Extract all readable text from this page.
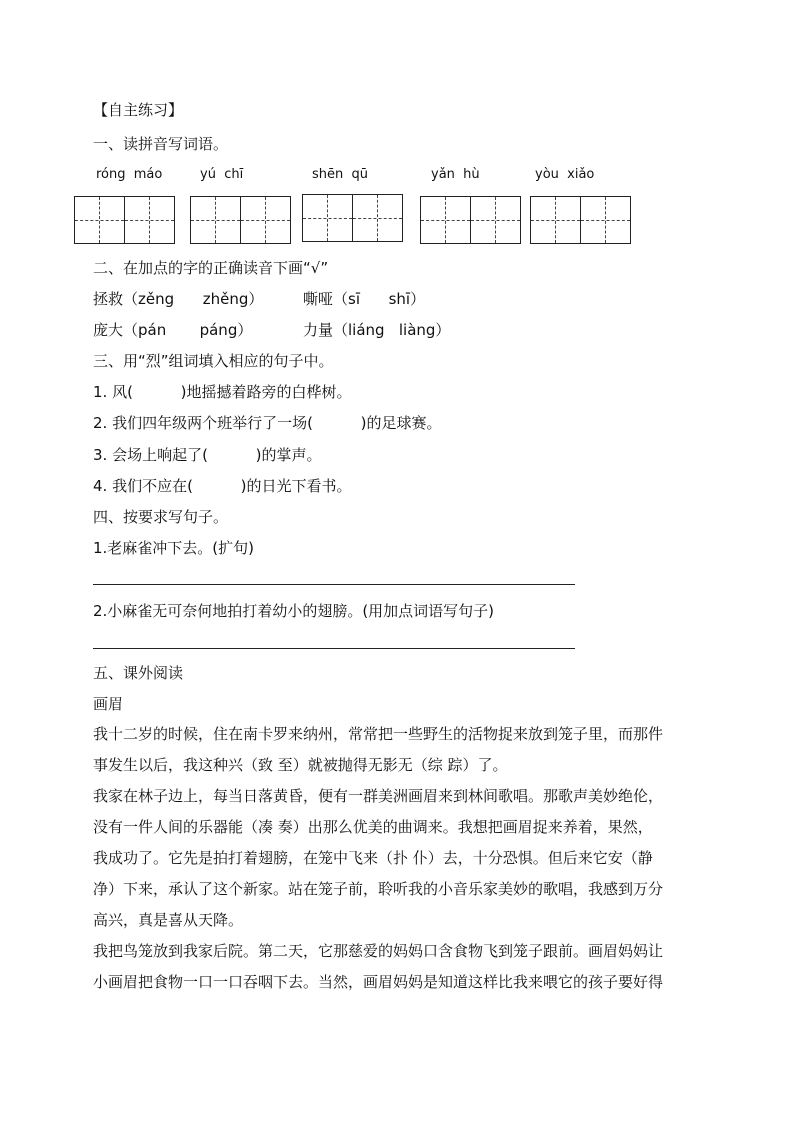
【自主练习】
一、读拼音写词语。
róng  máo	yú  chī	shēn  qū	yǎn  hù	yòu  xiǎo
二、在加点的字的正确读音下画“√”
拯救（zěng      zhěng）	嘶哑（sī      shī）
庞大（pán       páng）	力量（liáng   liàng）
三、用“烈”组词填入相应的句子中。
1. 风(          )地摇撼着路旁的白桦树。
2. 我们四年级两个班举行了一场(          )的足球赛。
3. 会场上响起了(          )的掌声。
4. 我们不应在(          )的日光下看书。
四、按要求写句子。
1.老麻雀冲下去。(扩句)
2.小麻雀无可奈何地拍打着幼小的翅膀。(用加点词语写句子)
五、课外阅读
画眉
我十二岁的时候，住在南卡罗来纳州，常常把一些野生的活物捉来放到笼子里，而那件
事发生以后，我这种兴（致 至）就被抛得无影无（综 踪）了。
我家在林子边上，每当日落黄昏，便有一群美洲画眉来到林间歌唱。那歌声美妙绝伦，
没有一件人间的乐器能（凑 奏）出那么优美的曲调来。我想把画眉捉来养着，果然，
我成功了。它先是拍打着翅膀，在笼中飞来（扑 仆）去，十分恐惧。但后来它安（静
净）下来，承认了这个新家。站在笼子前，聆听我的小音乐家美妙的歌唱，我感到万分
高兴，真是喜从天降。
我把鸟笼放到我家后院。第二天，它那慈爱的妈妈口含食物飞到笼子跟前。画眉妈妈让
小画眉把食物一口一口吞咽下去。当然，画眉妈妈是知道这样比我来喂它的孩子要好得
